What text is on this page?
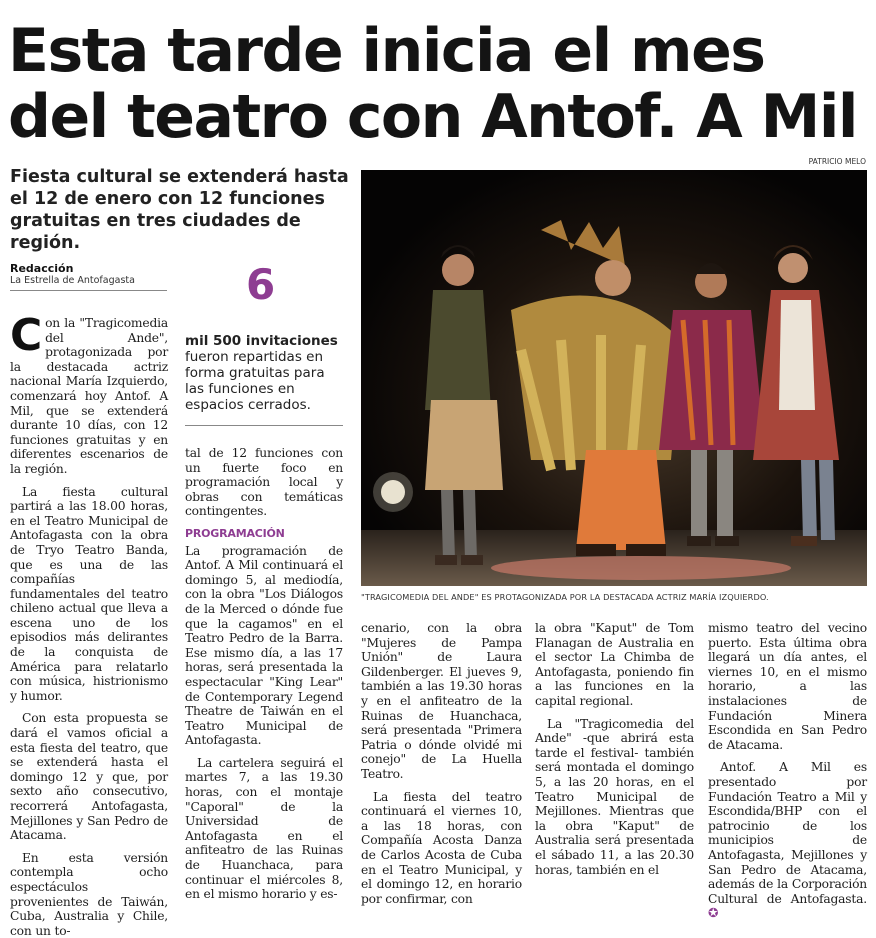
Esta tarde inicia el mes del teatro con Antof. A Mil
Fiesta cultural se extenderá hasta el 12 de enero con 12 funciones gratuitas en tres ciudades de región.
PATRICIO MELO
"TRAGICOMEDIA DEL ANDE" ES PROTAGONIZADA POR LA DESTACADA ACTRIZ MARÍA IZQUIERDO.
Redacción
La Estrella de Antofagasta	6
mil 500 invitaciones fueron repartidas en forma gratuitas para las funciones en espacios cerrados.

Con la "Tragicomedia del Ande", protagonizada por la destacada actriz nacional María Izquierdo, comenzará hoy Antof. A Mil, que se extenderá durante 10 días, con 12 funciones gratuitas y en diferentes escenarios de la región.

La fiesta cultural partirá a las 18.00 horas, en el Teatro Municipal de Antofagasta con la obra de Tryo Teatro Banda, que es una de las compañías fundamentales del teatro chileno actual que lleva a escena uno de los episodios más delirantes de la conquista de América para relatarlo con música, histrionismo y humor.

Con esta propuesta se dará el vamos oficial a esta fiesta del teatro, que se extenderá hasta el domingo 12 y que, por sexto año consecutivo, recorrerá Antofagasta, Mejillones y San Pedro de Atacama.

En esta versión contempla ocho espectáculos provenientes de Taiwán, Cuba, Australia y Chile, con un to-

tal de 12 funciones con un fuerte foco en programación local y obras con temáticas contingentes.

PROGRAMACIÓN

La programación de Antof. A Mil continuará el domingo 5, al mediodía, con la obra "Los Diálogos de la Merced o dónde fue que la cagamos" en el Teatro Pedro de la Barra. Ese mismo día, a las 17 horas, será presentada la espectacular "King Lear" de Contemporary Legend Theatre de Taiwán en el Teatro Municipal de Antofagasta.

La cartelera seguirá el martes 7, a las 19.30 horas, con el montaje "Caporal" de la Universidad de Antofagasta en el anfiteatro de las Ruinas de Huanchaca, para continuar el miércoles 8, en el mismo horario y es-

cenario, con la obra "Mujeres de Pampa Unión" de Laura Gildenberger. El jueves 9, también a las 19.30 horas y en el anfiteatro de la Ruinas de Huanchaca, será presentada "Primera Patria o dónde olvidé mi conejo" de La Huella Teatro.

La fiesta del teatro continuará el viernes 10, a las 18 horas, con Compañía Acosta Danza de Carlos Acosta de Cuba en el Teatro Municipal, y el domingo 12, en horario por confirmar, con

la obra "Kaput" de Tom Flanagan de Australia en el sector La Chimba de Antofagasta, poniendo fin a las funciones en la capital regional.

La "Tragicomedia del Ande" -que abrirá esta tarde el festival- también será montada el domingo 5, a las 20 horas, en el Teatro Municipal de Mejillones. Mientras que la obra "Kaput" de Australia será presentada el sábado 11, a las 20.30 horas, también en el

mismo teatro del vecino puerto. Esta última obra llegará un día antes, el viernes 10, en el mismo horario, a las instalaciones de Fundación Minera Escondida en San Pedro de Atacama.

Antof. A Mil es presentado por Fundación Teatro a Mil y Escondida/BHP con el patrocinio de los municipios de Antofagasta, Mejillones y San Pedro de Atacama, además de la Corporación Cultural de Antofagasta. ✪
